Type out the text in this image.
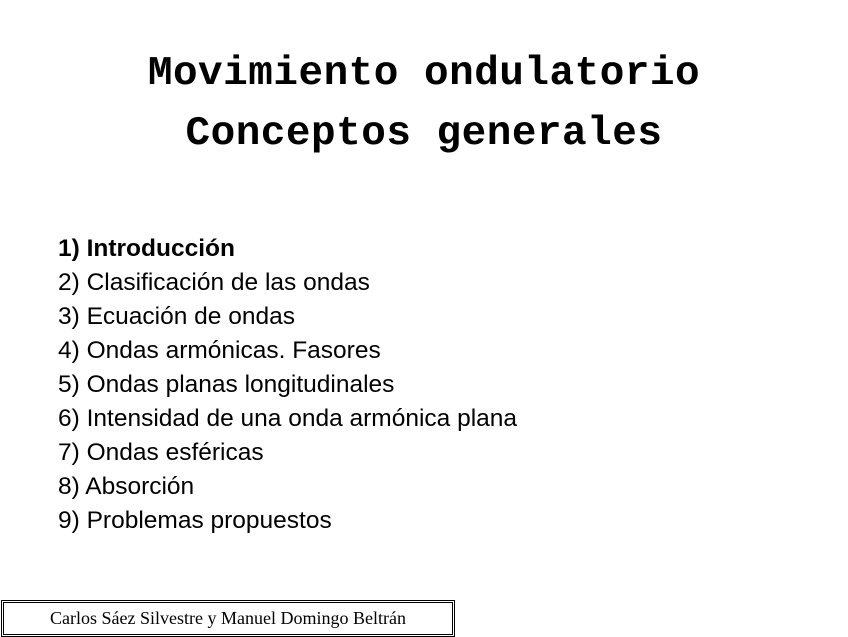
Movimiento ondulatorio
Conceptos generales
1) Introducción
2) Clasificación de las ondas
3) Ecuación de ondas
4) Ondas armónicas. Fasores
5) Ondas planas longitudinales
6) Intensidad de una onda armónica plana
7) Ondas esféricas
8) Absorción
9) Problemas propuestos
Carlos Sáez Silvestre y Manuel Domingo Beltrán
